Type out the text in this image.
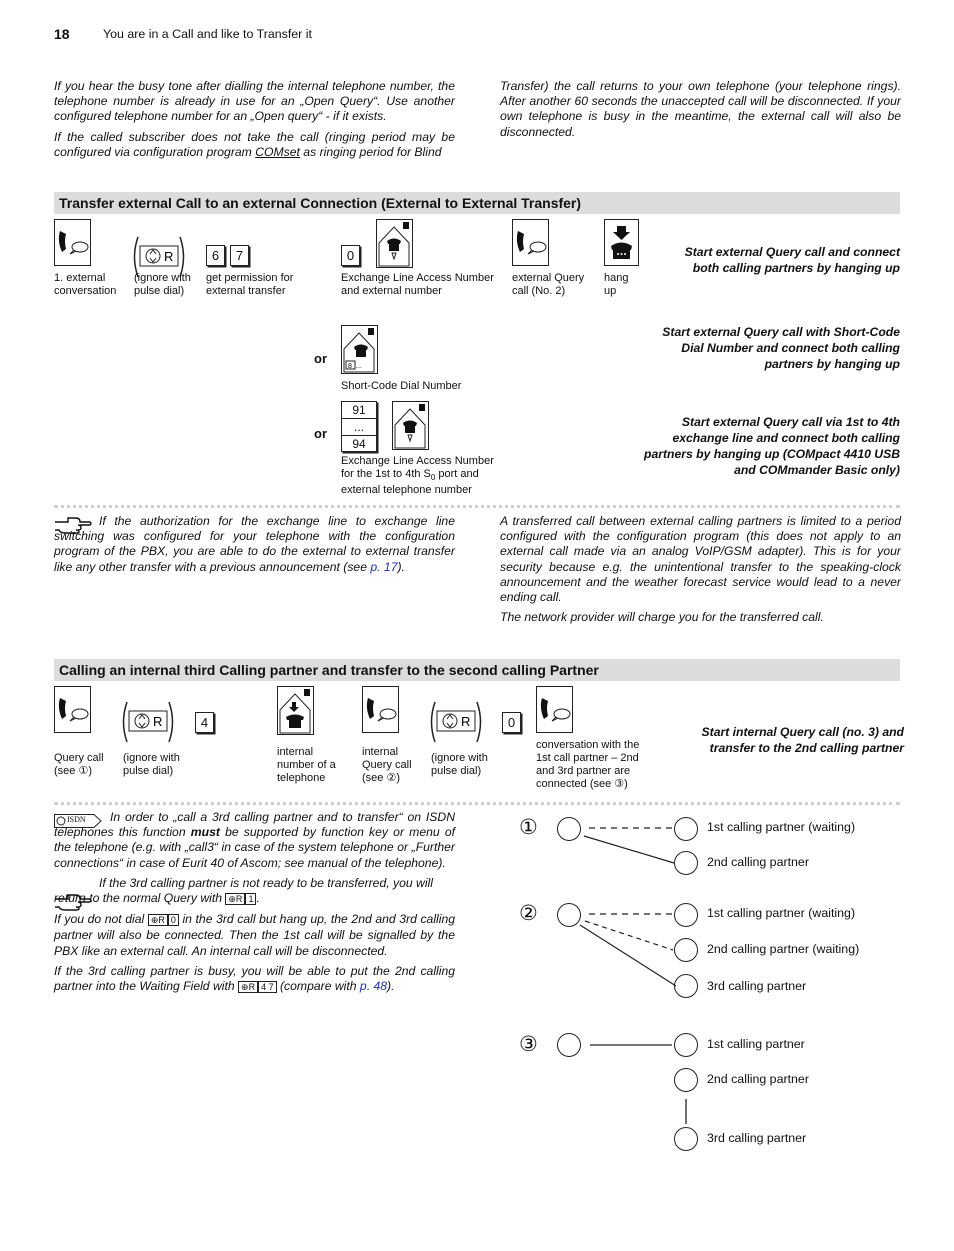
18	You are in a Call and like to Transfer it

If you hear the busy tone after dialling the internal telephone number, the telephone number is already in use for an „Open Query“. Use another configured telephone number for an „Open query“ - if it exists.

If the called subscriber does not take the call (ringing period may be configured via configuration program COMset as ringing period for Blind

Transfer) the call returns to your own telephone (your telephone rings). After another 60 seconds the unaccepted call will be disconnected. If your own telephone is busy in the meantime, the external call will also be disconnected.

Transfer external Call to an external Connection (External to External Transfer)
R	6	7	0
1. external conversation
(ignore with pulse dial)
get permission for external transfer
Exchange Line Access Number and external number
external Query call (No. 2)
hang up
Start external Query call and connect both calling partners by hanging up
or
8 ...
Short-Code Dial Number
Start external Query call with Short-Code Dial Number and connect both calling partners by hanging up
or
91
...
94
Exchange Line Access Number for the 1st to 4th $S_0$ port and external telephone number
Start external Query call via 1st to 4th exchange line and connect both calling partners by hanging up (COMpact 4410 USB and COMmander Basic only)

If the authorization for the exchange line to exchange line switching was configured for your telephone with the configuration program of the PBX, you are able to do the external to external transfer like any other transfer with a previous announcement (see p. 17).

A transferred call between external calling partners is limited to a period configured with the configuration program (this does not apply to an external call made via an analog VoIP/GSM adapter). This is for your security because e.g. the unintentional transfer to the speaking-clock announcement and the weather forecast service would lead to a never ending call.

The network provider will charge you for the transferred call.

Calling an internal third Calling partner and transfer to the second calling Partner
R	4	R	0
Query call
(see ①)
(ignore with pulse dial)
internal number of a telephone
internal Query call
(see ②)
(ignore with pulse dial)
conversation with the 1st call partner – 2nd and 3rd partner are connected (see ③)
Start internal Query call (no. 3) and transfer to the 2nd calling partner
ISDN	In order to „call a 3rd calling partner and to transfer“ on ISDN telephones this function must be supported by function key or menu of the telephone (e.g. with „call3“ in case of the system telephone or „Further connections“ in case of Eurit 40 of Ascom; see manual of the telephone).

If the 3rd calling partner is not ready to be transferred, you will return to the normal Query with ⊕R 1 .

If you do not dial ⊕R 0 in the 3rd call but hang up, the 2nd and 3rd calling partner will also be connected. Then the 1st call will be signalled by the PBX like an external call. An internal call will be disconnected.

If the 3rd calling partner is busy, you will be able to put the 2nd calling partner into the Waiting Field with ⊕R 4 7 (compare with p. 48).

①	1st calling partner (waiting)
2nd calling partner
②	1st calling partner (waiting)
2nd calling partner (waiting)
3rd calling partner
③	1st calling partner
2nd calling partner
3rd calling partner
